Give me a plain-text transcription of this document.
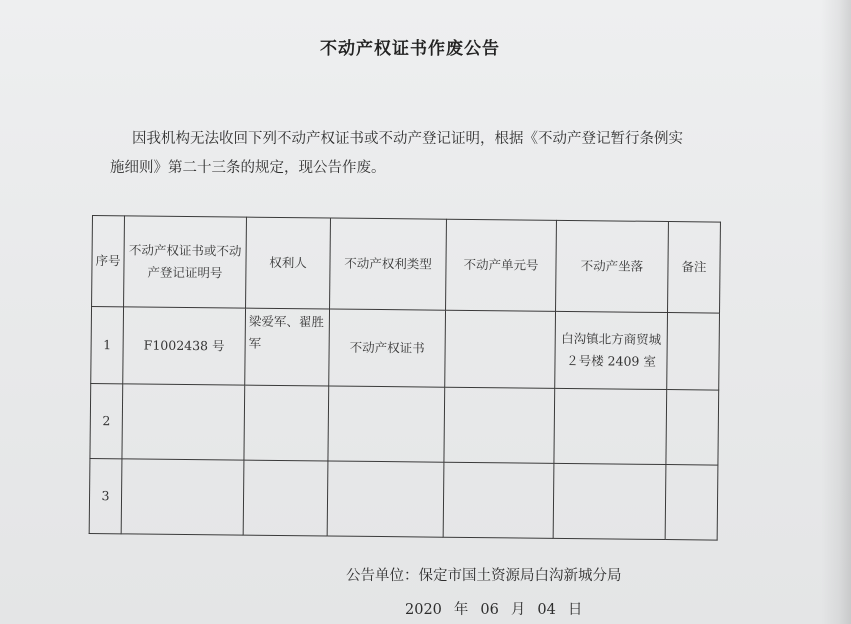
不动产权证书作废公告
因我机构无法收回下列不动产权证书或不动产登记证明，根据《不动产登记暂行条例实
施细则》第二十三条的规定，现公告作废。
序号	不动产权证书或不动产登记证明号	权利人	不动产权利类型	不动产单元号	不动产坐落	备注
1	F1002438 号	梁爱军、翟胜军	不动产权证书		白沟镇北方商贸城２号楼 2409 室	
2						
3						
公告单位：保定市国土资源局白沟新城分局
2020 年 06 月 04 日
